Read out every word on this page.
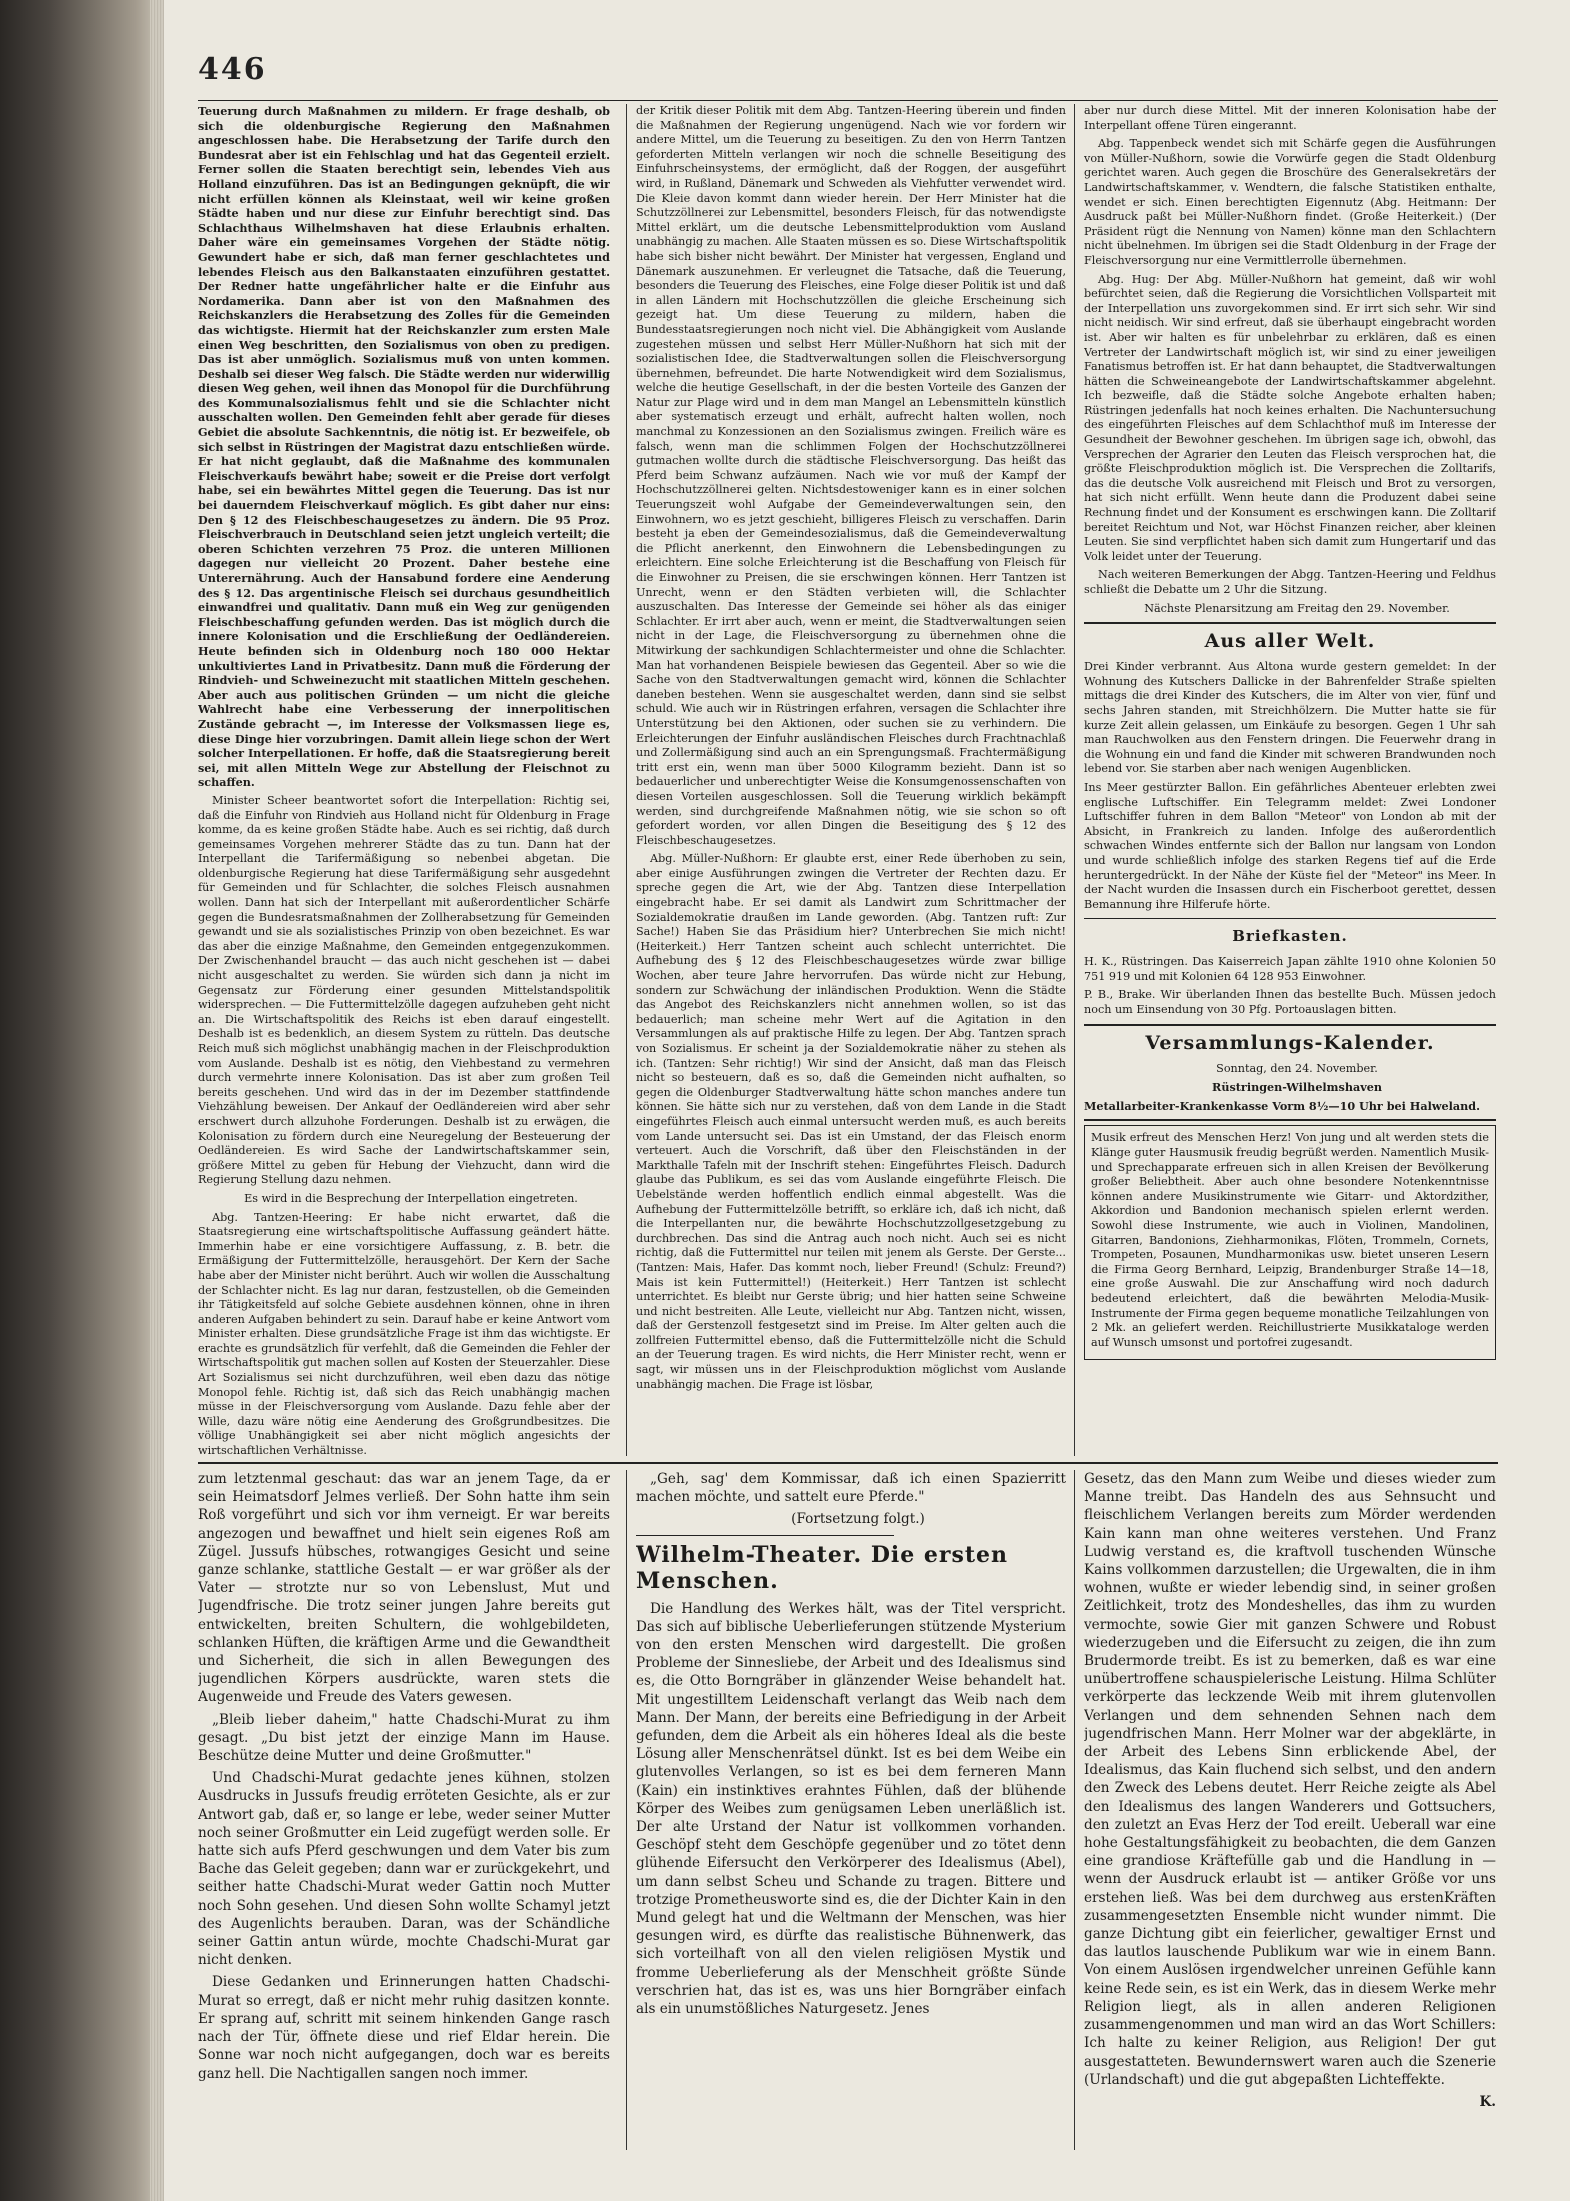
446

Teuerung durch Maßnahmen zu mildern. Er frage deshalb, ob sich die oldenburgische Regierung den Maßnahmen angeschlossen habe. Die Herabsetzung der Tarife durch den Bundesrat aber ist ein Fehlschlag und hat das Gegenteil erzielt. Ferner sollen die Staaten berechtigt sein, lebendes Vieh aus Holland einzuführen. Das ist an Bedingungen geknüpft, die wir nicht erfüllen können als Kleinstaat, weil wir keine großen Städte haben und nur diese zur Einfuhr berechtigt sind. Das Schlachthaus Wilhelmshaven hat diese Erlaubnis erhalten. Daher wäre ein gemeinsames Vorgehen der Städte nötig. Gewundert habe er sich, daß man ferner geschlachtetes und lebendes Fleisch aus den Balkanstaaten einzuführen gestattet. Der Redner hatte ungefährlicher halte er die Einfuhr aus Nordamerika. Dann aber ist von den Maßnahmen des Reichskanzlers die Herabsetzung des Zolles für die Gemeinden das wichtigste. Hiermit hat der Reichskanzler zum ersten Male einen Weg beschritten, den Sozialismus von oben zu predigen. Das ist aber unmöglich. Sozialismus muß von unten kommen. Deshalb sei dieser Weg falsch. Die Städte werden nur widerwillig diesen Weg gehen, weil ihnen das Monopol für die Durchführung des Kommunalsozialismus fehlt und sie die Schlachter nicht ausschalten wollen. Den Gemeinden fehlt aber gerade für dieses Gebiet die absolute Sachkenntnis, die nötig ist. Er bezweifele, ob sich selbst in Rüstringen der Magistrat dazu entschließen würde. Er hat nicht geglaubt, daß die Maßnahme des kommunalen Fleischverkaufs bewährt habe; soweit er die Preise dort verfolgt habe, sei ein bewährtes Mittel gegen die Teuerung. Das ist nur bei dauerndem Fleischverkauf möglich. Es gibt daher nur eins: Den § 12 des Fleischbeschaugesetzes zu ändern. Die 95 Proz. Fleischverbrauch in Deutschland seien jetzt ungleich verteilt; die oberen Schichten verzehren 75 Proz. die unteren Millionen dagegen nur vielleicht 20 Prozent. Daher bestehe eine Unterernährung. Auch der Hansabund fordere eine Aenderung des § 12. Das argentinische Fleisch sei durchaus gesundheitlich einwandfrei und qualitativ. Dann muß ein Weg zur genügenden Fleischbeschaffung gefunden werden. Das ist möglich durch die innere Kolonisation und die Erschließung der Oedländereien. Heute befinden sich in Oldenburg noch 180 000 Hektar unkultiviertes Land in Privatbesitz. Dann muß die Förderung der Rindvieh- und Schweinezucht mit staatlichen Mitteln geschehen. Aber auch aus politischen Gründen — um nicht die gleiche Wahlrecht habe eine Verbesserung der innerpolitischen Zustände gebracht —, im Interesse der Volksmassen liege es, diese Dinge hier vorzubringen. Damit allein liege schon der Wert solcher Interpellationen. Er hoffe, daß die Staatsregierung bereit sei, mit allen Mitteln Wege zur Abstellung der Fleischnot zu schaffen.

Minister Scheer beantwortet sofort die Interpellation: Richtig sei, daß die Einfuhr von Rindvieh aus Holland nicht für Oldenburg in Frage komme, da es keine großen Städte habe. Auch es sei richtig, daß durch gemeinsames Vorgehen mehrerer Städte das zu tun. Dann hat der Interpellant die Tarifermäßigung so nebenbei abgetan. Die oldenburgische Regierung hat diese Tarifermäßigung sehr ausgedehnt für Gemeinden und für Schlachter, die solches Fleisch ausnahmen wollen. Dann hat sich der Interpellant mit außerordentlicher Schärfe gegen die Bundesratsmaßnahmen der Zollherabsetzung für Gemeinden gewandt und sie als sozialistisches Prinzip von oben bezeichnet. Es war das aber die einzige Maßnahme, den Gemeinden entgegenzukommen. Der Zwischenhandel braucht — das auch nicht geschehen ist — dabei nicht ausgeschaltet zu werden. Sie würden sich dann ja nicht im Gegensatz zur Förderung einer gesunden Mittelstandspolitik widersprechen. — Die Futtermittelzölle dagegen aufzuheben geht nicht an. Die Wirtschaftspolitik des Reichs ist eben darauf eingestellt. Deshalb ist es bedenklich, an diesem System zu rütteln. Das deutsche Reich muß sich möglichst unabhängig machen in der Fleischproduktion vom Auslande. Deshalb ist es nötig, den Viehbestand zu vermehren durch vermehrte innere Kolonisation. Das ist aber zum großen Teil bereits geschehen. Und wird das in der im Dezember stattfindende Viehzählung beweisen. Der Ankauf der Oedländereien wird aber sehr erschwert durch allzuhohe Forderungen. Deshalb ist zu erwägen, die Kolonisation zu fördern durch eine Neuregelung der Besteuerung der Oedländereien. Es wird Sache der Landwirtschaftskammer sein, größere Mittel zu geben für Hebung der Viehzucht, dann wird die Regierung Stellung dazu nehmen.

Es wird in die Besprechung der Interpellation eingetreten.

Abg. Tantzen-Heering: Er habe nicht erwartet, daß die Staatsregierung eine wirtschaftspolitische Auffassung geändert hätte. Immerhin habe er eine vorsichtigere Auffassung, z. B. betr. die Ermäßigung der Futtermittelzölle, herausgehört. Der Kern der Sache habe aber der Minister nicht berührt. Auch wir wollen die Ausschaltung der Schlachter nicht. Es lag nur daran, festzustellen, ob die Gemeinden ihr Tätigkeitsfeld auf solche Gebiete ausdehnen können, ohne in ihren anderen Aufgaben behindert zu sein. Darauf habe er keine Antwort vom Minister erhalten. Diese grundsätzliche Frage ist ihm das wichtigste. Er erachte es grundsätzlich für verfehlt, daß die Gemeinden die Fehler der Wirtschaftspolitik gut machen sollen auf Kosten der Steuerzahler. Diese Art Sozialismus sei nicht durchzuführen, weil eben dazu das nötige Monopol fehle. Richtig ist, daß sich das Reich unabhängig machen müsse in der Fleischversorgung vom Auslande. Dazu fehle aber der Wille, dazu wäre nötig eine Aenderung des Großgrundbesitzes. Die völlige Unabhängigkeit sei aber nicht möglich angesichts der wirtschaftlichen Verhältnisse.

der Kritik dieser Politik mit dem Abg. Tantzen-Heering überein und finden die Maßnahmen der Regierung ungenügend. Nach wie vor fordern wir andere Mittel, um die Teuerung zu beseitigen. Zu den von Herrn Tantzen geforderten Mitteln verlangen wir noch die schnelle Beseitigung des Einfuhrscheinsystems, der ermöglicht, daß der Roggen, der ausgeführt wird, in Rußland, Dänemark und Schweden als Viehfutter verwendet wird. Die Kleie davon kommt dann wieder herein. Der Herr Minister hat die Schutzzöllnerei zur Lebensmittel, besonders Fleisch, für das notwendigste Mittel erklärt, um die deutsche Lebensmittelproduktion vom Ausland unabhängig zu machen. Alle Staaten müssen es so. Diese Wirtschaftspolitik habe sich bisher nicht bewährt. Der Minister hat vergessen, England und Dänemark auszunehmen. Er verleugnet die Tatsache, daß die Teuerung, besonders die Teuerung des Fleisches, eine Folge dieser Politik ist und daß in allen Ländern mit Hochschutzzöllen die gleiche Erscheinung sich gezeigt hat. Um diese Teuerung zu mildern, haben die Bundesstaatsregierungen noch nicht viel. Die Abhängigkeit vom Auslande zugestehen müssen und selbst Herr Müller-Nußhorn hat sich mit der sozialistischen Idee, die Stadtverwaltungen sollen die Fleischversorgung übernehmen, befreundet. Die harte Notwendigkeit wird dem Sozialismus, welche die heutige Gesellschaft, in der die besten Vorteile des Ganzen der Natur zur Plage wird und in dem man Mangel an Lebensmitteln künstlich aber systematisch erzeugt und erhält, aufrecht halten wollen, noch manchmal zu Konzessionen an den Sozialismus zwingen. Freilich wäre es falsch, wenn man die schlimmen Folgen der Hochschutzzöllnerei gutmachen wollte durch die städtische Fleischversorgung. Das heißt das Pferd beim Schwanz aufzäumen. Nach wie vor muß der Kampf der Hochschutzzöllnerei gelten. Nichtsdestoweniger kann es in einer solchen Teuerungszeit wohl Aufgabe der Gemeindeverwaltungen sein, den Einwohnern, wo es jetzt geschieht, billigeres Fleisch zu verschaffen. Darin besteht ja eben der Gemeindesozialismus, daß die Gemeindeverwaltung die Pflicht anerkennt, den Einwohnern die Lebensbedingungen zu erleichtern. Eine solche Erleichterung ist die Beschaffung von Fleisch für die Einwohner zu Preisen, die sie erschwingen können. Herr Tantzen ist Unrecht, wenn er den Städten verbieten will, die Schlachter auszuschalten. Das Interesse der Gemeinde sei höher als das einiger Schlachter. Er irrt aber auch, wenn er meint, die Stadtverwaltungen seien nicht in der Lage, die Fleischversorgung zu übernehmen ohne die Mitwirkung der sachkundigen Schlachtermeister und ohne die Schlachter. Man hat vorhandenen Beispiele bewiesen das Gegenteil. Aber so wie die Sache von den Stadtverwaltungen gemacht wird, können die Schlachter daneben bestehen. Wenn sie ausgeschaltet werden, dann sind sie selbst schuld. Wie auch wir in Rüstringen erfahren, versagen die Schlachter ihre Unterstützung bei den Aktionen, oder suchen sie zu verhindern. Die Erleichterungen der Einfuhr ausländischen Fleisches durch Frachtnachlaß und Zollermäßigung sind auch an ein Sprengungsmaß. Frachtermäßigung tritt erst ein, wenn man über 5000 Kilogramm bezieht. Dann ist so bedauerlicher und unberechtigter Weise die Konsumgenossenschaften von diesen Vorteilen ausgeschlossen. Soll die Teuerung wirklich bekämpft werden, sind durchgreifende Maßnahmen nötig, wie sie schon so oft gefordert worden, vor allen Dingen die Beseitigung des § 12 des Fleischbeschaugesetzes.

Abg. Müller-Nußhorn: Er glaubte erst, einer Rede überhoben zu sein, aber einige Ausführungen zwingen die Vertreter der Rechten dazu. Er spreche gegen die Art, wie der Abg. Tantzen diese Interpellation eingebracht habe. Er sei damit als Landwirt zum Schrittmacher der Sozialdemokratie draußen im Lande geworden. (Abg. Tantzen ruft: Zur Sache!) Haben Sie das Präsidium hier? Unterbrechen Sie mich nicht! (Heiterkeit.) Herr Tantzen scheint auch schlecht unterrichtet. Die Aufhebung des § 12 des Fleischbeschaugesetzes würde zwar billige Wochen, aber teure Jahre hervorrufen. Das würde nicht zur Hebung, sondern zur Schwächung der inländischen Produktion. Wenn die Städte das Angebot des Reichskanzlers nicht annehmen wollen, so ist das bedauerlich; man scheine mehr Wert auf die Agitation in den Versammlungen als auf praktische Hilfe zu legen. Der Abg. Tantzen sprach von Sozialismus. Er scheint ja der Sozialdemokratie näher zu stehen als ich. (Tantzen: Sehr richtig!) Wir sind der Ansicht, daß man das Fleisch nicht so besteuern, daß es so, daß die Gemeinden nicht aufhalten, so gegen die Oldenburger Stadtverwaltung hätte schon manches andere tun können. Sie hätte sich nur zu verstehen, daß von dem Lande in die Stadt eingeführtes Fleisch auch einmal untersucht werden muß, es auch bereits vom Lande untersucht sei. Das ist ein Umstand, der das Fleisch enorm verteuert. Auch die Vorschrift, daß über den Fleischständen in der Markthalle Tafeln mit der Inschrift stehen: Eingeführtes Fleisch. Dadurch glaube das Publikum, es sei das vom Auslande eingeführte Fleisch. Die Uebelstände werden hoffentlich endlich einmal abgestellt. Was die Aufhebung der Futtermittelzölle betrifft, so erkläre ich, daß ich nicht, daß die Interpellanten nur, die bewährte Hochschutzzollgesetzgebung zu durchbrechen. Das sind die Antrag auch noch nicht. Auch sei es nicht richtig, daß die Futtermittel nur teilen mit jenem als Gerste. Der Gerste... (Tantzen: Mais, Hafer. Das kommt noch, lieber Freund! (Schulz: Freund?) Mais ist kein Futtermittel!) (Heiterkeit.) Herr Tantzen ist schlecht unterrichtet. Es bleibt nur Gerste übrig; und hier hatten seine Schweine und nicht bestreiten. Alle Leute, vielleicht nur Abg. Tantzen nicht, wissen, daß der Gerstenzoll festgesetzt sind im Preise. Im Alter gelten auch die zollfreien Futtermittel ebenso, daß die Futtermittelzölle nicht die Schuld an der Teuerung tragen. Es wird nichts, die Herr Minister recht, wenn er sagt, wir müssen uns in der Fleischproduktion möglichst vom Auslande unabhängig machen. Die Frage ist lösbar,

aber nur durch diese Mittel. Mit der inneren Kolonisation habe der Interpellant offene Türen eingerannt.

Abg. Tappenbeck wendet sich mit Schärfe gegen die Ausführungen von Müller-Nußhorn, sowie die Vorwürfe gegen die Stadt Oldenburg gerichtet waren. Auch gegen die Broschüre des Generalsekretärs der Landwirtschaftskammer, v. Wendtern, die falsche Statistiken enthalte, wendet er sich. Einen berechtigten Eigennutz (Abg. Heitmann: Der Ausdruck paßt bei Müller-Nußhorn findet. (Große Heiterkeit.) (Der Präsident rügt die Nennung von Namen) könne man den Schlachtern nicht übelnehmen. Im übrigen sei die Stadt Oldenburg in der Frage der Fleischversorgung nur eine Vermittlerrolle übernehmen.

Abg. Hug: Der Abg. Müller-Nußhorn hat gemeint, daß wir wohl befürchtet seien, daß die Regierung die Vorsichtlichen Vollsparteit mit der Interpellation uns zuvorgekommen sind. Er irrt sich sehr. Wir sind nicht neidisch. Wir sind erfreut, daß sie überhaupt eingebracht worden ist. Aber wir halten es für unbelehrbar zu erklären, daß es einen Vertreter der Landwirtschaft möglich ist, wir sind zu einer jeweiligen Fanatismus betroffen ist. Er hat dann behauptet, die Stadtverwaltungen hätten die Schweineangebote der Landwirtschaftskammer abgelehnt. Ich bezweifle, daß die Städte solche Angebote erhalten haben; Rüstringen jedenfalls hat noch keines erhalten. Die Nachuntersuchung des eingeführten Fleisches auf dem Schlachthof muß im Interesse der Gesundheit der Bewohner geschehen. Im übrigen sage ich, obwohl, das Versprechen der Agrarier den Leuten das Fleisch versprochen hat, die größte Fleischproduktion möglich ist. Die Versprechen die Zolltarifs, das die deutsche Volk ausreichend mit Fleisch und Brot zu versorgen, hat sich nicht erfüllt. Wenn heute dann die Produzent dabei seine Rechnung findet und der Konsument es erschwingen kann. Die Zolltarif bereitet Reichtum und Not, war Höchst Finanzen reicher, aber kleinen Leuten. Sie sind verpflichtet haben sich damit zum Hungertarif und das Volk leidet unter der Teuerung.

Nach weiteren Bemerkungen der Abgg. Tantzen-Heering und Feldhus schließt die Debatte um 2 Uhr die Sitzung.

Nächste Plenarsitzung am Freitag den 29. November.

Aus aller Welt.

Drei Kinder verbrannt. Aus Altona wurde gestern gemeldet: In der Wohnung des Kutschers Dallicke in der Bahrenfelder Straße spielten mittags die drei Kinder des Kutschers, die im Alter von vier, fünf und sechs Jahren standen, mit Streichhölzern. Die Mutter hatte sie für kurze Zeit allein gelassen, um Einkäufe zu besorgen. Gegen 1 Uhr sah man Rauchwolken aus den Fenstern dringen. Die Feuerwehr drang in die Wohnung ein und fand die Kinder mit schweren Brandwunden noch lebend vor. Sie starben aber nach wenigen Augenblicken.

Ins Meer gestürzter Ballon. Ein gefährliches Abenteuer erlebten zwei englische Luftschiffer. Ein Telegramm meldet: Zwei Londoner Luftschiffer fuhren in dem Ballon "Meteor" von London ab mit der Absicht, in Frankreich zu landen. Infolge des außerordentlich schwachen Windes entfernte sich der Ballon nur langsam von London und wurde schließlich infolge des starken Regens tief auf die Erde heruntergedrückt. In der Nähe der Küste fiel der "Meteor" ins Meer. In der Nacht wurden die Insassen durch ein Fischerboot gerettet, dessen Bemannung ihre Hilferufe hörte.

Briefkasten.

H. K., Rüstringen. Das Kaiserreich Japan zählte 1910 ohne Kolonien 50 751 919 und mit Kolonien 64 128 953 Einwohner.

P. B., Brake. Wir überlanden Ihnen das bestellte Buch. Müssen jedoch noch um Einsendung von 30 Pfg. Portoauslagen bitten.

Versammlungs-Kalender.

Sonntag, den 24. November.

Rüstringen-Wilhelmshaven

Metallarbeiter-Krankenkasse Vorm 8½—10 Uhr bei Halweland.

Musik erfreut des Menschen Herz! Von jung und alt werden stets die Klänge guter Hausmusik freudig begrüßt werden. Namentlich Musik- und Sprechapparate erfreuen sich in allen Kreisen der Bevölkerung großer Beliebtheit. Aber auch ohne besondere Notenkenntnisse können andere Musikinstrumente wie Gitarr- und Aktordzither, Akkordion und Bandonion mechanisch spielen erlernt werden. Sowohl diese Instrumente, wie auch in Violinen, Mandolinen, Gitarren, Bandonions, Ziehharmonikas, Flöten, Trommeln, Cornets, Trompeten, Posaunen, Mundharmonikas usw. bietet unseren Lesern die Firma Georg Bernhard, Leipzig, Brandenburger Straße 14—18, eine große Auswahl. Die zur Anschaffung wird noch dadurch bedeutend erleichtert, daß die bewährten Melodia-Musik-Instrumente der Firma gegen bequeme monatliche Teilzahlungen von 2 Mk. an geliefert werden. Reichillustrierte Musikkataloge werden auf Wunsch umsonst und portofrei zugesandt.

zum letztenmal geschaut: das war an jenem Tage, da er sein Heimatsdorf Jelmes verließ. Der Sohn hatte ihm sein Roß vorgeführt und sich vor ihm verneigt. Er war bereits angezogen und bewaffnet und hielt sein eigenes Roß am Zügel. Jussufs hübsches, rotwangiges Gesicht und seine ganze schlanke, stattliche Gestalt — er war größer als der Vater — strotzte nur so von Lebenslust, Mut und Jugendfrische. Die trotz seiner jungen Jahre bereits gut entwickelten, breiten Schultern, die wohlgebildeten, schlanken Hüften, die kräftigen Arme und die Gewandtheit und Sicherheit, die sich in allen Bewegungen des jugendlichen Körpers ausdrückte, waren stets die Augenweide und Freude des Vaters gewesen.

„Bleib lieber daheim," hatte Chadschi-Murat zu ihm gesagt. „Du bist jetzt der einzige Mann im Hause. Beschütze deine Mutter und deine Großmutter."

Und Chadschi-Murat gedachte jenes kühnen, stolzen Ausdrucks in Jussufs freudig erröteten Gesichte, als er zur Antwort gab, daß er, so lange er lebe, weder seiner Mutter noch seiner Großmutter ein Leid zugefügt werden solle. Er hatte sich aufs Pferd geschwungen und dem Vater bis zum Bache das Geleit gegeben; dann war er zurückgekehrt, und seither hatte Chadschi-Murat weder Gattin noch Mutter noch Sohn gesehen. Und diesen Sohn wollte Schamyl jetzt des Augenlichts berauben. Daran, was der Schändliche seiner Gattin antun würde, mochte Chadschi-Murat gar nicht denken.

Diese Gedanken und Erinnerungen hatten Chadschi-Murat so erregt, daß er nicht mehr ruhig dasitzen konnte. Er sprang auf, schritt mit seinem hinkenden Gange rasch nach der Tür, öffnete diese und rief Eldar herein. Die Sonne war noch nicht aufgegangen, doch war es bereits ganz hell. Die Nachtigallen sangen noch immer.

„Geh, sag' dem Kommissar, daß ich einen Spazierritt machen möchte, und sattelt eure Pferde."

(Fortsetzung folgt.)

Wilhelm-Theater. Die ersten Menschen.

Die Handlung des Werkes hält, was der Titel verspricht. Das sich auf biblische Ueberlieferungen stützende Mysterium von den ersten Menschen wird dargestellt. Die großen Probleme der Sinnesliebe, der Arbeit und des Idealismus sind es, die Otto Borngräber in glänzender Weise behandelt hat. Mit ungestilltem Leidenschaft verlangt das Weib nach dem Mann. Der Mann, der bereits eine Befriedigung in der Arbeit gefunden, dem die Arbeit als ein höheres Ideal als die beste Lösung aller Menschenrätsel dünkt. Ist es bei dem Weibe ein glutenvolles Verlangen, so ist es bei dem ferneren Mann (Kain) ein instinktives erahntes Fühlen, daß der blühende Körper des Weibes zum genügsamen Leben unerläßlich ist. Der alte Urstand der Natur ist vollkommen vorhanden. Geschöpf steht dem Geschöpfe gegenüber und zo tötet denn glühende Eifersucht den Verkörperer des Idealismus (Abel), um dann selbst Scheu und Schande zu tragen. Bittere und trotzige Prometheusworte sind es, die der Dichter Kain in den Mund gelegt hat und die Weltmann der Menschen, was hier gesungen wird, es dürfte das realistische Bühnenwerk, das sich vorteilhaft von all den vielen religiösen Mystik und fromme Ueberlieferung als der Menschheit größte Sünde verschrien hat, das ist es, was uns hier Borngräber einfach als ein unumstößliches Naturgesetz. Jenes

Gesetz, das den Mann zum Weibe und dieses wieder zum Manne treibt. Das Handeln des aus Sehnsucht und fleischlichem Verlangen bereits zum Mörder werdenden Kain kann man ohne weiteres verstehen. Und Franz Ludwig verstand es, die kraftvoll tuschenden Wünsche Kains vollkommen darzustellen; die Urgewalten, die in ihm wohnen, wußte er wieder lebendig sind, in seiner großen Zeitlichkeit, trotz des Mondeshelles, das ihm zu wurden vermochte, sowie Gier mit ganzen Schwere und Robust wiederzugeben und die Eifersucht zu zeigen, die ihn zum Brudermorde treibt. Es ist zu bemerken, daß es war eine unübertroffene schauspielerische Leistung. Hilma Schlüter verkörperte das leckzende Weib mit ihrem glutenvollen Verlangen und dem sehnenden Sehnen nach dem jugendfrischen Mann. Herr Molner war der abgeklärte, in der Arbeit des Lebens Sinn erblickende Abel, der Idealismus, das Kain fluchend sich selbst, und den andern den Zweck des Lebens deutet. Herr Reiche zeigte als Abel den Idealismus des langen Wanderers und Gottsuchers, den zuletzt an Evas Herz der Tod ereilt. Ueberall war eine hohe Gestaltungsfähigkeit zu beobachten, die dem Ganzen eine grandiose Kräftefülle gab und die Handlung in — wenn der Ausdruck erlaubt ist — antiker Größe vor uns erstehen ließ. Was bei dem durchweg aus erstenKräften zusammengesetzten Ensemble nicht wunder nimmt. Die ganze Dichtung gibt ein feierlicher, gewaltiger Ernst und das lautlos lauschende Publikum war wie in einem Bann. Von einem Auslösen irgendwelcher unreinen Gefühle kann keine Rede sein, es ist ein Werk, das in diesem Werke mehr Religion liegt, als in allen anderen Religionen zusammengenommen und man wird an das Wort Schillers: Ich halte zu keiner Religion, aus Religion! Der gut ausgestatteten. Bewundernswert waren auch die Szenerie (Urlandschaft) und die gut abgepaßten Lichteffekte.

K.
